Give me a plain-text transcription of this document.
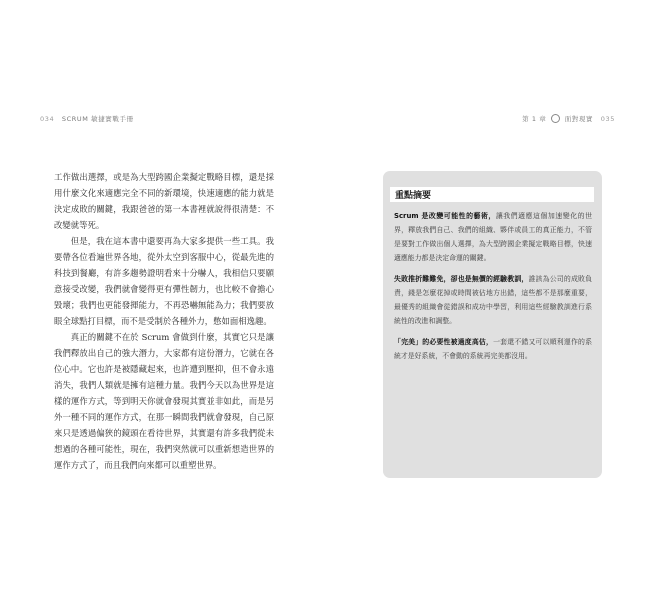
034 SCRUM 敏捷實戰手冊	第 1 章	面對現實 035

工作做出選擇，或是為大型跨國企業擬定戰略目標，還是採用什麼文化來適應完全不同的新環境，快速適應的能力就是決定成敗的關鍵，我跟爸爸的第一本書裡就說得很清楚：不改變就等死。

但是，我在這本書中還要再為大家多提供一些工具。我要帶各位看遍世界各地，從外太空到客服中心，從最先進的科技到餐廳，有許多趨勢證明看來十分嚇人，我相信只要願意接受改變，我們就會變得更有彈性韌力，也比較不會擔心毀壞；我們也更能發揮能力，不再恐嚇無能為力；我們要放眼全球點打目標，而不是受制於各種外力，憋如面相逸趣。

真正的關鍵不在於 Scrum 會做到什麼，其實它只是讓我們釋放出自己的強大潛力，大家都有這份潛力，它就在各位心中。它也許是被隱藏起來，也許遭到壓抑，但不會永遠消失，我們人類就是擁有這種力量。我們今天以為世界是這樣的運作方式，等到明天你就會發現其實並非如此，而是另外一種不同的運作方式，在那一瞬間我們就會發現，自己原來只是透過偏狹的鏡頭在看待世界，其實還有許多我們從未想過的各種可能性，現在，我們突然就可以重新想造世界的運作方式了，而且我們向來都可以重塑世界。

重點摘要

Scrum 是改變可能性的藝術，讓我們適應這個加速變化的世界，釋放我們自己、我們的組織、夥伴或員工的真正能力，不管是要對工作做出個人選擇，為大型跨國企業擬定戰略目標，快速適應能力都是決定命運的關鍵。

失敗推折難難免，卻也是無價的經驗教訓，誰該為公司的成敗負責，錢是怎麼花掉或時間被佔地方出錯，這些都不是那麼重要，最優秀的組織會從錯誤和成功中學習，利用這些經驗教訓進行系統性的改進和調整。

「完美」的必要性被過度高估，一套還不錯又可以順利運作的系統才是好系統，不會動的系統再完美都沒用。
